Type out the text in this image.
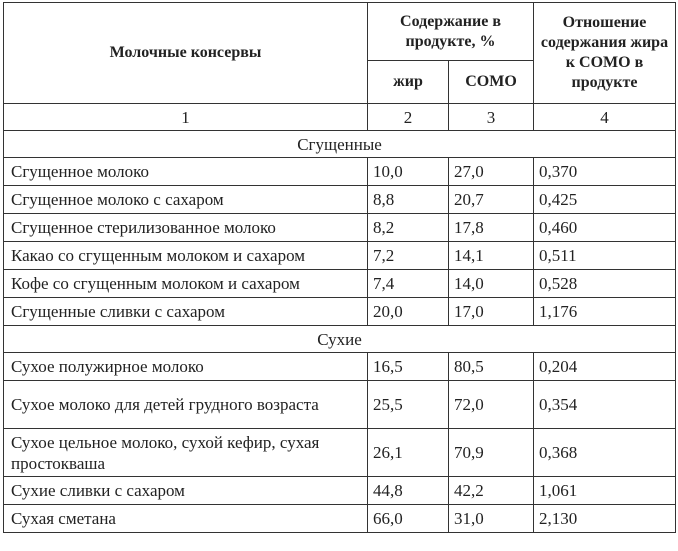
Молочные консервы	Содержание в продукте, %		Отношение содержания жира к СОМО в продукте
	жир	СОМО	
1	2	3	4
Сгущенные			
Сгущенное молоко	10,0	27,0	0,370
Сгущенное молоко с сахаром	8,8	20,7	0,425
Сгущенное стерилизованное молоко	8,2	17,8	0,460
Какао со сгущенным молоком и сахаром	7,2	14,1	0,511
Кофе со сгущенным молоком и сахаром	7,4	14,0	0,528
Сгущенные сливки с сахаром	20,0	17,0	1,176
Сухие			
Сухое полужирное молоко	16,5	80,5	0,204
Сухое молоко для детей грудного возраста	25,5	72,0	0,354
Сухое цельное молоко, сухой кефир, сухая простокваша	26,1	70,9	0,368
Сухие сливки с сахаром	44,8	42,2	1,061
Сухая сметана	66,0	31,0	2,130
